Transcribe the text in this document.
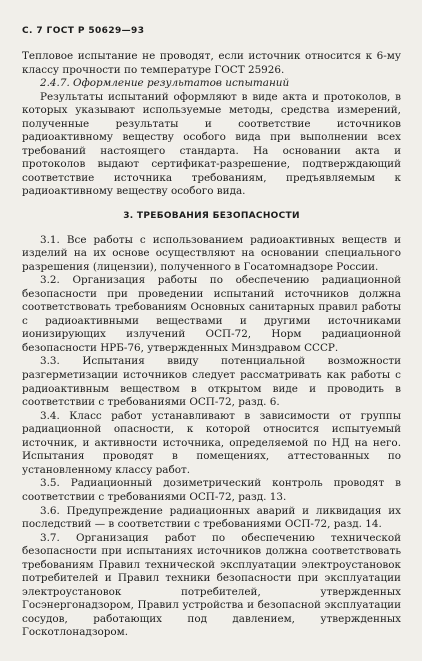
С. 7 ГОСТ Р 50629—93

Тепловое испытание не проводят, если источник относится к 6-му классу прочности по температуре ГОСТ 25926.

2.4.7. Оформление результатов испытаний

Результаты испытаний оформляют в виде акта и протоколов, в которых указывают используемые методы, средства измерений, полученные результаты и соответствие источников радиоактивному веществу особого вида при выполнении всех требований настоящего стандарта. На основании акта и протоколов выдают сертификат-разрешение, подтверждающий соответствие источника требованиям, предъявляемым к радиоактивному веществу особого вида.

3. ТРЕБОВАНИЯ БЕЗОПАСНОСТИ

3.1. Все работы с использованием радиоактивных веществ и изделий на их основе осуществляют на основании специального разрешения (лицензии), полученного в Госатомнадзоре России.

3.2. Организация работы по обеспечению радиационной безопасности при проведении испытаний источников должна соответствовать требованиям Основных санитарных правил работы с радиоактивными веществами и другими источниками ионизирующих излучений ОСП-72, Норм радиационной безопасности НРБ-76, утвержденных Минздравом СССР.

3.3. Испытания ввиду потенциальной возможности разгерметизации источников следует рассматривать как работы с радиоактивным веществом в открытом виде и проводить в соответствии с требованиями ОСП-72, разд. 6.

3.4. Класс работ устанавливают в зависимости от группы радиационной опасности, к которой относится испытуемый источник, и активности источника, определяемой по НД на него. Испытания проводят в помещениях, аттестованных по установленному классу работ.

3.5. Радиационный дозиметрический контроль проводят в соответствии с требованиями ОСП-72, разд. 13.

3.6. Предупреждение радиационных аварий и ликвидация их последствий — в соответствии с требованиями ОСП-72, разд. 14.

3.7. Организация работ по обеспечению технической безопасности при испытаниях источников должна соответствовать требованиям Правил технической эксплуатации электроустановок потребителей и Правил техники безопасности при эксплуатации электроустановок потребителей, утвержденных Госэнергонадзором, Правил устройства и безопасной эксплуатации сосудов, работающих под давлением, утвержденных Госкотлонадзором.
